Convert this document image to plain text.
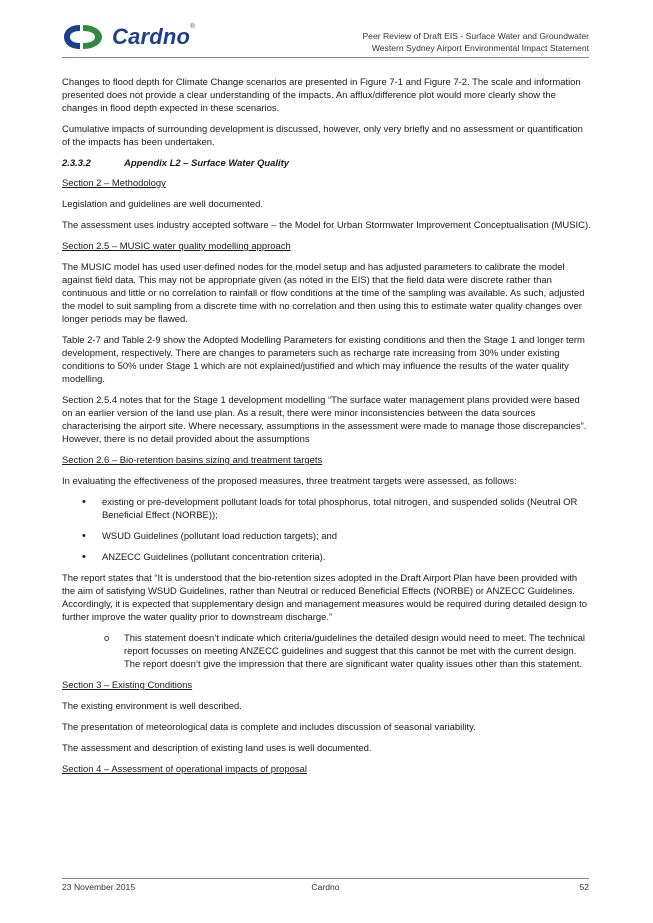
Cardno®
Peer Review of Draft EIS - Surface Water and Groundwater
Western Sydney Airport Environmental Impact Statement

Changes to flood depth for Climate Change scenarios are presented in Figure 7-1 and Figure 7-2. The scale and information presented does not provide a clear understanding of the impacts. An afflux/difference plot would more clearly show the changes in flood depth expected in these scenarios.

Cumulative impacts of surrounding development is discussed, however, only very briefly and no assessment or quantification of the impacts has been undertaken.

2.3.3.2	Appendix L2 – Surface Water Quality

Section 2 – Methodology

Legislation and guidelines are well documented.

The assessment uses industry accepted software – the Model for Urban Stormwater Improvement Conceptualisation (MUSIC).

Section 2.5 – MUSIC water quality modelling approach

The MUSIC model has used user defined nodes for the model setup and has adjusted parameters to calibrate the model against field data. This may not be appropriate given (as noted in the EIS) that the field data were discrete rather than continuous and little or no correlation to rainfall or flow conditions at the time of the sampling was available. As such, adjusted the model to suit sampling from a discrete time with no correlation and then using this to estimate water quality changes over longer periods may be flawed.

Table 2-7 and Table 2-9 show the Adopted Modelling Parameters for existing conditions and then the Stage 1 and longer term development, respectively. There are changes to parameters such as recharge rate increasing from 30% under existing conditions to 50% under Stage 1 which are not explained/justified and which may influence the results of the water quality modelling.

Section 2.5.4 notes that for the Stage 1 development modelling “The surface water management plans provided were based on an earlier version of the land use plan. As a result, there were minor inconsistencies between the data sources characterising the airport site. Where necessary, assumptions in the assessment were made to manage those discrepancies”. However, there is no detail provided about the assumptions

Section 2.6 – Bio-retention basins sizing and treatment targets

In evaluating the effectiveness of the proposed measures, three treatment targets were assessed, as follows:

• existing or pre-development pollutant loads for total phosphorus, total nitrogen, and suspended solids (Neutral OR Beneficial Effect (NORBE));
• WSUD Guidelines (pollutant load reduction targets); and
• ANZECC Guidelines (pollutant concentration criteria).

The report states that “It is understood that the bio-retention sizes adopted in the Draft Airport Plan have been provided with the aim of satisfying WSUD Guidelines, rather than Neutral or reduced Beneficial Effects (NORBE) or ANZECC Guidelines. Accordingly, it is expected that supplementary design and management measures would be required during detailed design to further improve the water quality prior to downstream discharge.”

o This statement doesn’t indicate which criteria/guidelines the detailed design would need to meet. The technical report focusses on meeting ANZECC guidelines and suggest that this cannot be met with the current design. The report doesn’t give the impression that there are significant water quality issues other than this statement.

Section 3 – Existing Conditions

The existing environment is well described.

The presentation of meteorological data is complete and includes discussion of seasonal variability.

The assessment and description of existing land uses is well documented.

Section 4 – Assessment of operational impacts of proposal

23 November 2015	Cardno	52
